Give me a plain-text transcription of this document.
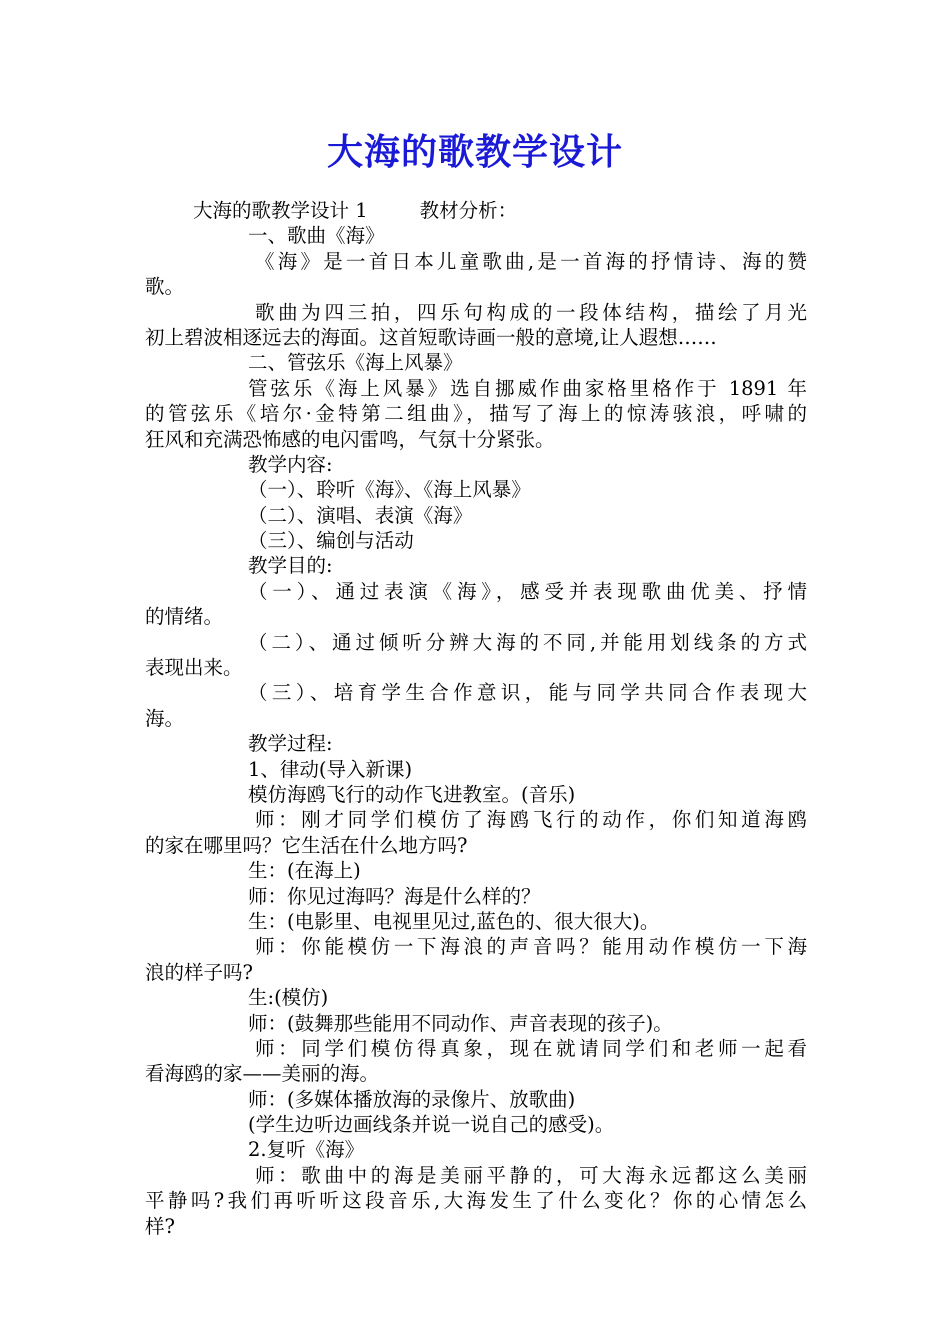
大海的歌教学设计
大海的歌教学设计 1	教材分析：
一、歌曲《海》
《海》是一首日本儿童歌曲,是一首海的抒情诗、海的赞
歌。
歌曲为四三拍，四乐句构成的一段体结构，描绘了月光
初上碧波相逐远去的海面。这首短歌诗画一般的意境,让人遐想……
二、管弦乐《海上风暴》
管弦乐《海上风暴》选自挪威作曲家格里格作于 1891 年
的管弦乐《培尔·金特第二组曲》，描写了海上的惊涛骇浪，呼啸的
狂风和充满恐怖感的电闪雷鸣，气氛十分紧张。
教学内容:
（一）、聆听《海》、《海上风暴》
（二）、演唱、表演《海》
（三）、编创与活动
教学目的:
（一）、通过表演《海》，感受并表现歌曲优美、抒情
的情绪。
（二）、通过倾听分辨大海的不同,并能用划线条的方式
表现出来。
（三）、培育学生合作意识，能与同学共同合作表现大
海。
教学过程:
1、律动(导入新课)
模仿海鸥飞行的动作飞进教室。(音乐)
师：刚才同学们模仿了海鸥飞行的动作，你们知道海鸥
的家在哪里吗？它生活在什么地方吗?
生：(在海上)
师：你见过海吗？海是什么样的？
生：(电影里、电视里见过,蓝色的、很大很大)。
师：你能模仿一下海浪的声音吗？能用动作模仿一下海
浪的样子吗?
生:(模仿)
师：(鼓舞那些能用不同动作、声音表现的孩子)。
师：同学们模仿得真象，现在就请同学们和老师一起看
看海鸥的家——美丽的海。
师：(多媒体播放海的录像片、放歌曲)
(学生边听边画线条并说一说自己的感受)。
2.复听《海》
师：歌曲中的海是美丽平静的，可大海永远都这么美丽
平静吗?我们再听听这段音乐,大海发生了什么变化？你的心情怎么
样?
